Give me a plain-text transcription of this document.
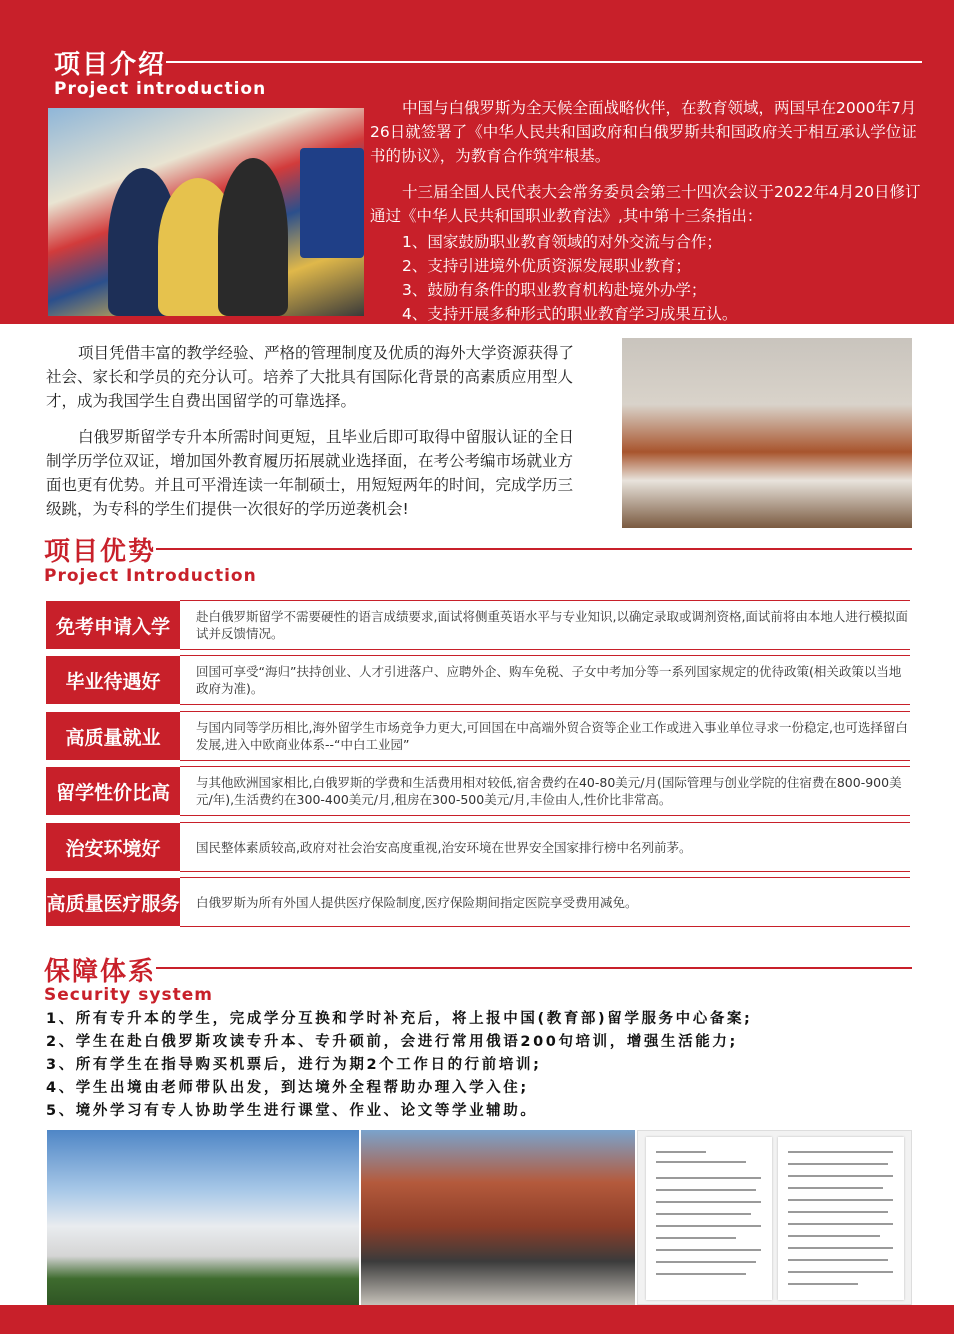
项目介绍
Project introduction

中国与白俄罗斯为全天候全面战略伙伴，在教育领域，两国早在2000年7月26日就签署了《中华人民共和国政府和白俄罗斯共和国政府关于相互承认学位证书的协议》，为教育合作筑牢根基。

十三届全国人民代表大会常务委员会第三十四次会议于2022年4月20日修订通过《中华人民共和国职业教育法》,其中第十三条指出：

1、国家鼓励职业教育领域的对外交流与合作；
2、支持引进境外优质资源发展职业教育；
3、鼓励有条件的职业教育机构赴境外办学；
4、支持开展多种形式的职业教育学习成果互认。

项目凭借丰富的教学经验、严格的管理制度及优质的海外大学资源获得了社会、家长和学员的充分认可。培养了大批具有国际化背景的高素质应用型人才，成为我国学生自费出国留学的可靠选择。

白俄罗斯留学专升本所需时间更短，且毕业后即可取得中留服认证的全日制学历学位双证，增加国外教育履历拓展就业选择面，在考公考编市场就业方面也更有优势。并且可平滑连读一年制硕士，用短短两年的时间，完成学历三级跳，为专科的学生们提供一次很好的学历逆袭机会!

项目优势
Project Introduction
免考申请入学	赴白俄罗斯留学不需要硬性的语言成绩要求,面试将侧重英语水平与专业知识,以确定录取或调剂资格,面试前将由本地人进行模拟面试并反馈情况。
毕业待遇好	回国可享受“海归”扶持创业、人才引进落户、应聘外企、购车免税、子女中考加分等一系列国家规定的优待政策(相关政策以当地政府为准)。
高质量就业	与国内同等学历相比,海外留学生市场竞争力更大,可回国在中高端外贸合资等企业工作或进入事业单位寻求一份稳定,也可选择留白发展,进入中欧商业体系--“中白工业园”
留学性价比高	与其他欧洲国家相比,白俄罗斯的学费和生活费用相对较低,宿舍费约在40-80美元/月(国际管理与创业学院的住宿费在800-900美元/年),生活费约在300-400美元/月,租房在300-500美元/月,丰俭由人,性价比非常高。
治安环境好	国民整体素质较高,政府对社会治安高度重视,治安环境在世界安全国家排行榜中名列前茅。
高质量医疗服务 白俄罗斯为所有外国人提供医疗保险制度,医疗保险期间指定医院享受费用减免。
保障体系
Security system
1、所有专升本的学生，完成学分互换和学时补充后，将上报中国(教育部)留学服务中心备案;
2、学生在赴白俄罗斯攻读专升本、专升硕前，会进行常用俄语200句培训，增强生活能力;
3、所有学生在指导购买机票后，进行为期2个工作日的行前培训;
4、学生出境由老师带队出发，到达境外全程帮助办理入学入住;
5、境外学习有专人协助学生进行课堂、作业、论文等学业辅助。
